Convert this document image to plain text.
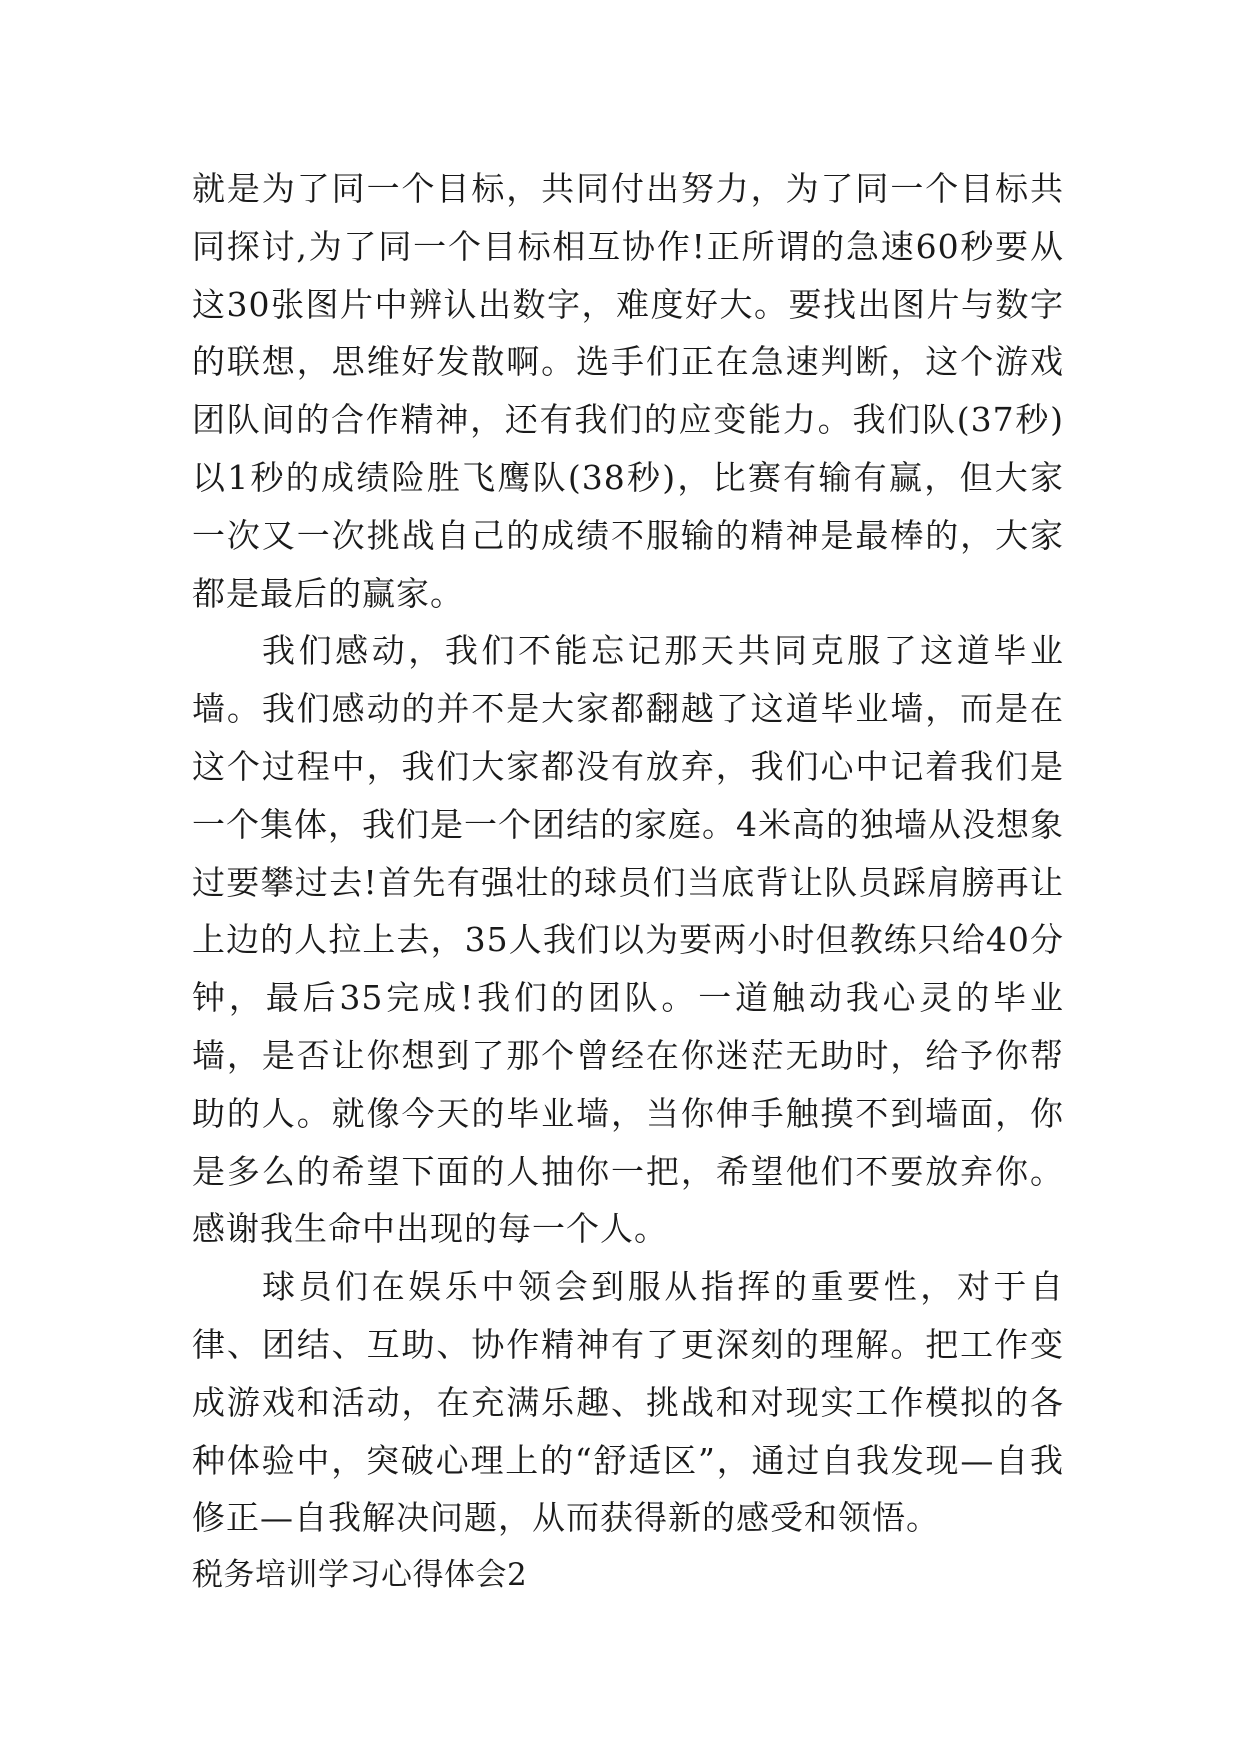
就是为了同一个目标，共同付出努力，为了同一个目标共同探讨,为了同一个目标相互协作!正所谓的急速60秒要从这30张图片中辨认出数字，难度好大。要找出图片与数字的联想，思维好发散啊。选手们正在急速判断，这个游戏团队间的合作精神，还有我们的应变能力。我们队(37秒)以1秒的成绩险胜飞鹰队(38秒)，比赛有输有赢，但大家一次又一次挑战自己的成绩不服输的精神是最棒的，大家都是最后的赢家。

我们感动，我们不能忘记那天共同克服了这道毕业墙。我们感动的并不是大家都翻越了这道毕业墙，而是在这个过程中，我们大家都没有放弃，我们心中记着我们是一个集体，我们是一个团结的家庭。4米高的独墙从没想象过要攀过去!首先有强壮的球员们当底背让队员踩肩膀再让上边的人拉上去，35人我们以为要两小时但教练只给40分钟，最后35完成!我们的团队。一道触动我心灵的毕业墙，是否让你想到了那个曾经在你迷茫无助时，给予你帮助的人。就像今天的毕业墙，当你伸手触摸不到墙面，你是多么的希望下面的人抽你一把，希望他们不要放弃你。感谢我生命中出现的每一个人。

球员们在娱乐中领会到服从指挥的重要性，对于自律、团结、互助、协作精神有了更深刻的理解。把工作变成游戏和活动，在充满乐趣、挑战和对现实工作模拟的各种体验中，突破心理上的“舒适区”，通过自我发现—自我修正—自我解决问题，从而获得新的感受和领悟。

税务培训学习心得体会2
